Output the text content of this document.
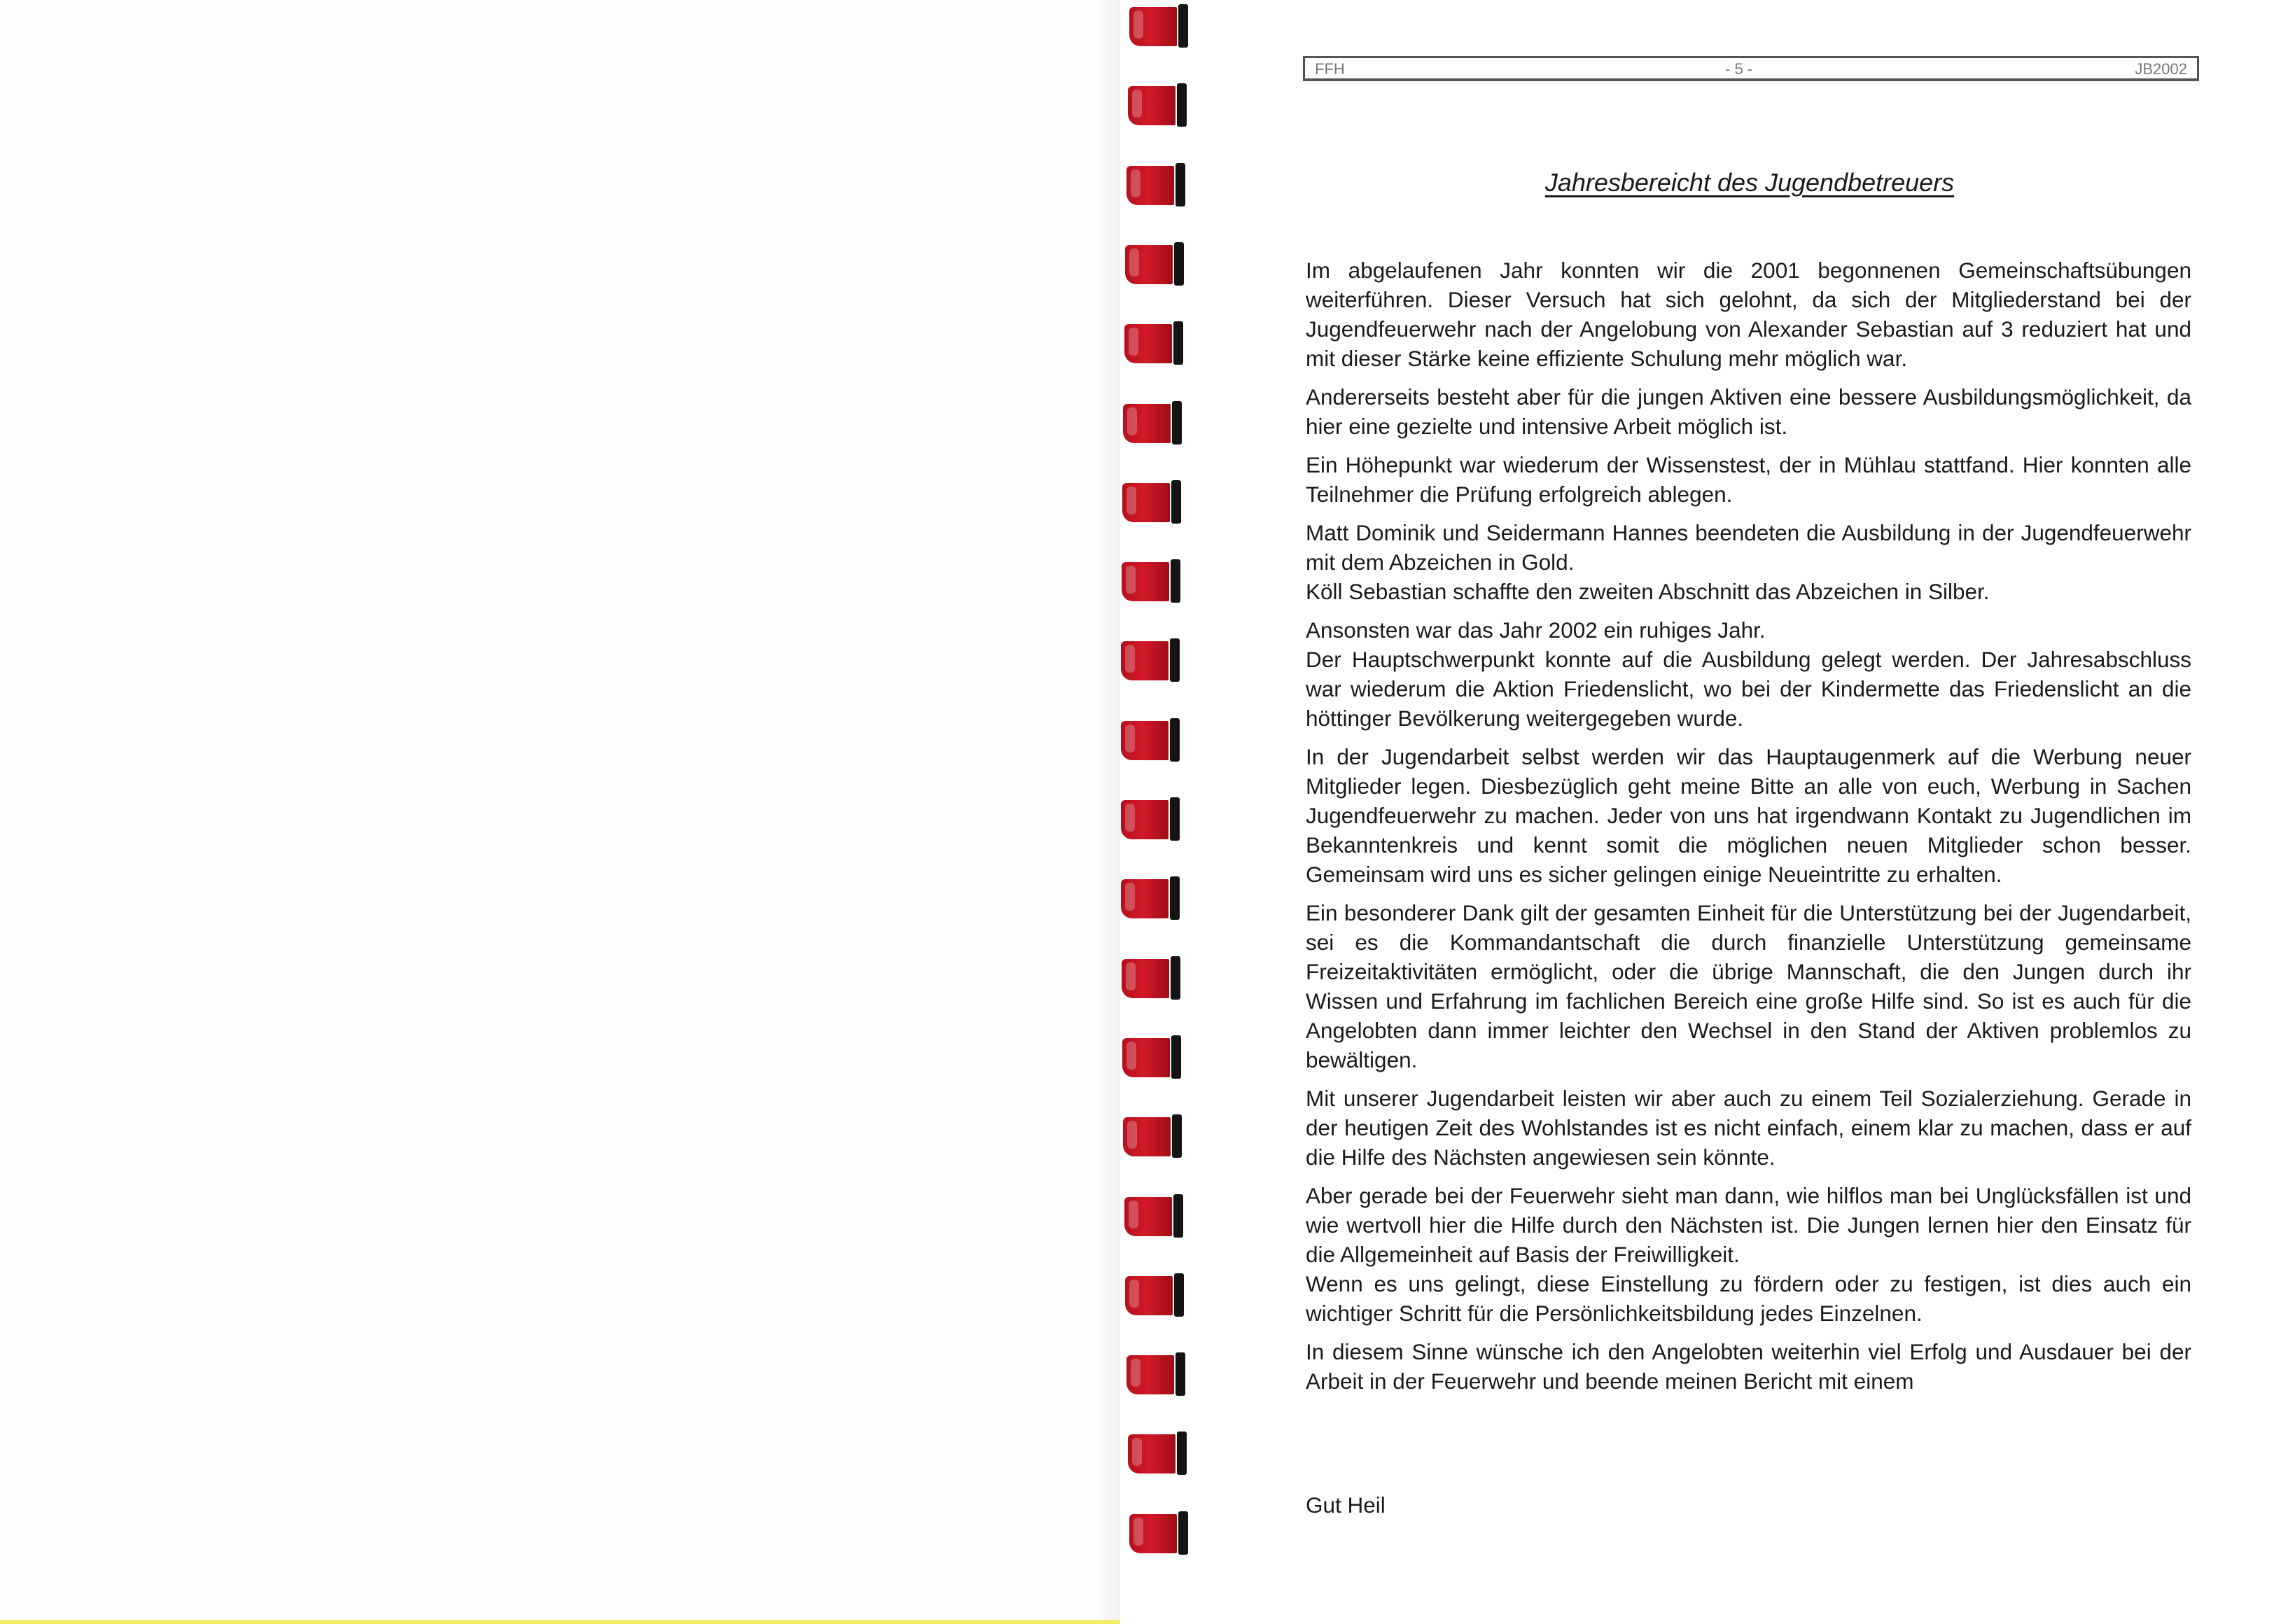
FFH	- 5 -	JB2002
Jahresbereicht des Jugendbetreuers

Im abgelaufenen Jahr konnten wir die 2001 begonnenen Gemeinschaftsübungen weiterführen. Dieser Versuch hat sich gelohnt, da sich der Mitgliederstand bei der Jugendfeuerwehr nach der Angelobung von Alexander Sebastian auf 3 reduziert hat und mit dieser Stärke keine effiziente Schulung mehr möglich war.

Andererseits besteht aber für die jungen Aktiven eine bessere Ausbildungsmöglichkeit, da hier eine gezielte und intensive Arbeit möglich ist.

Ein Höhepunkt war wiederum der Wissenstest, der in Mühlau stattfand. Hier konnten alle Teilnehmer die Prüfung erfolgreich ablegen.

Matt Dominik und Seidermann Hannes beendeten die Ausbildung in der Jugendfeuerwehr mit dem Abzeichen in Gold.
Köll Sebastian schaffte den zweiten Abschnitt das Abzeichen in Silber.

Ansonsten war das Jahr 2002 ein ruhiges Jahr.
Der Hauptschwerpunkt konnte auf die Ausbildung gelegt werden. Der Jahresabschluss war wiederum die Aktion Friedenslicht, wo bei der Kindermette das Friedenslicht an die höttinger Bevölkerung weitergegeben wurde.

In der Jugendarbeit selbst werden wir das Hauptaugenmerk auf die Werbung neuer Mitglieder legen. Diesbezüglich geht meine Bitte an alle von euch, Werbung in Sachen Jugendfeuerwehr zu machen. Jeder von uns hat irgendwann Kontakt zu Jugendlichen im Bekanntenkreis und kennt somit die möglichen neuen Mitglieder schon besser. Gemeinsam wird uns es sicher gelingen einige Neueintritte zu erhalten.

Ein besonderer Dank gilt der gesamten Einheit für die Unterstützung bei der Jugendarbeit, sei es die Kommandantschaft die durch finanzielle Unterstützung gemeinsame Freizeitaktivitäten ermöglicht, oder die übrige Mannschaft, die den Jungen durch ihr Wissen und Erfahrung im fachlichen Bereich eine große Hilfe sind. So ist es auch für die Angelobten dann immer leichter den Wechsel in den Stand der Aktiven problemlos zu bewältigen.

Mit unserer Jugendarbeit leisten wir aber auch zu einem Teil Sozialerziehung. Gerade in der heutigen Zeit des Wohlstandes ist es nicht einfach, einem klar zu machen, dass er auf die Hilfe des Nächsten angewiesen sein könnte.

Aber gerade bei der Feuerwehr sieht man dann, wie hilflos man bei Unglücksfällen ist und wie wertvoll hier die Hilfe durch den Nächsten ist. Die Jungen lernen hier den Einsatz für die Allgemeinheit auf Basis der Freiwilligkeit.
Wenn es uns gelingt, diese Einstellung zu fördern oder zu festigen, ist dies auch ein wichtiger Schritt für die Persönlichkeitsbildung jedes Einzelnen.

In diesem Sinne wünsche ich den Angelobten weiterhin viel Erfolg und Ausdauer bei der Arbeit in der Feuerwehr und beende meinen Bericht mit einem

Gut Heil
